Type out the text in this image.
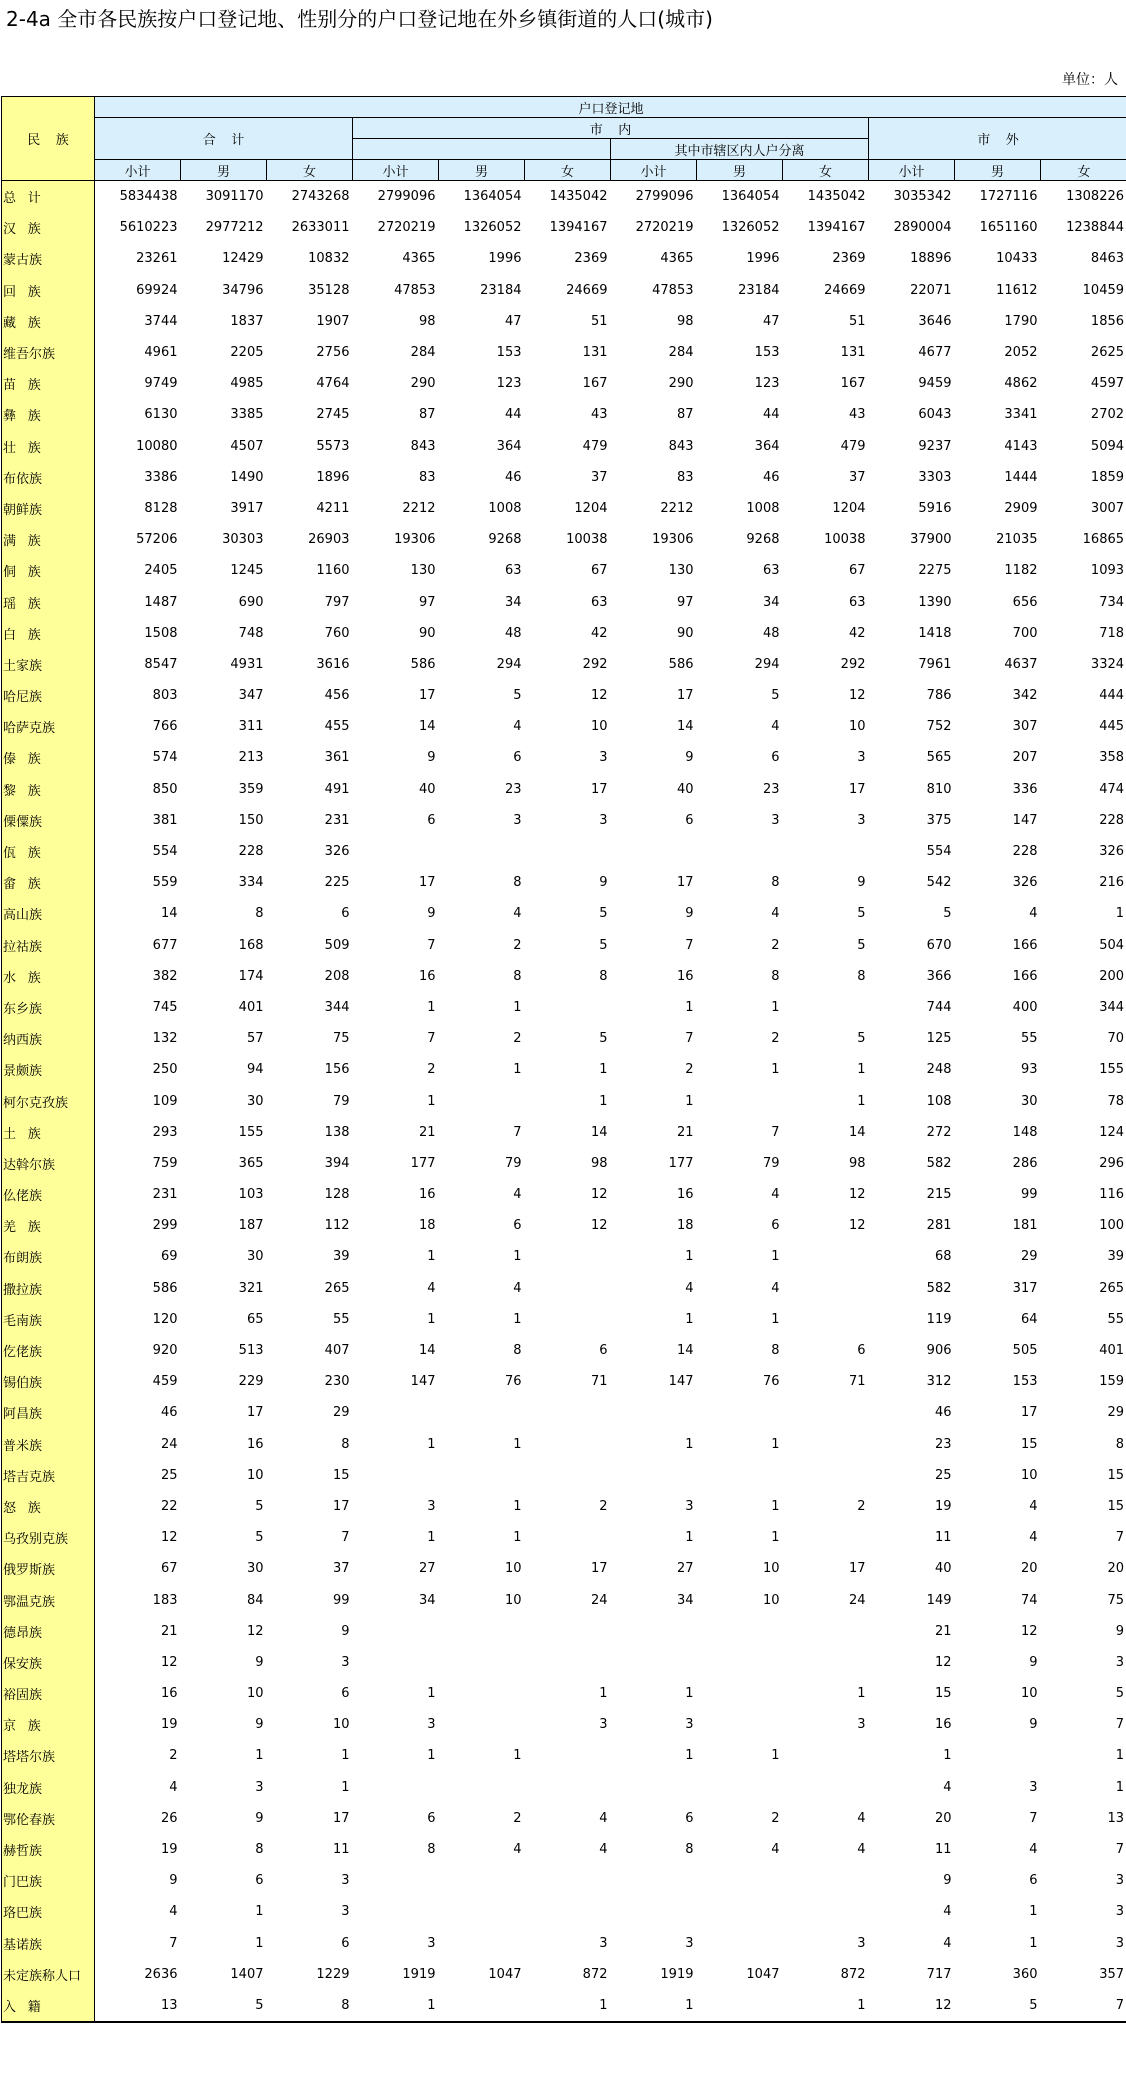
2-4a 全市各民族按户口登记地、性别分的户口登记地在外乡镇街道的人口(城市)
单位：人
民族	户口登记地											
	合计			市内						市外		
							其中市辖区内人户分离					
	小计	男	女	小计	男	女	小计	男	女	小计	男	女
总计	5834438	3091170	2743268	2799096	1364054	1435042	2799096	1364054	1435042	3035342	1727116	1308226
汉族	5610223	2977212	2633011	2720219	1326052	1394167	2720219	1326052	1394167	2890004	1651160	1238844
蒙古族	23261	12429	10832	4365	1996	2369	4365	1996	2369	18896	10433	8463
回族	69924	34796	35128	47853	23184	24669	47853	23184	24669	22071	11612	10459
藏族	3744	1837	1907	98	47	51	98	47	51	3646	1790	1856
维吾尔族	4961	2205	2756	284	153	131	284	153	131	4677	2052	2625
苗族	9749	4985	4764	290	123	167	290	123	167	9459	4862	4597
彝族	6130	3385	2745	87	44	43	87	44	43	6043	3341	2702
壮族	10080	4507	5573	843	364	479	843	364	479	9237	4143	5094
布依族	3386	1490	1896	83	46	37	83	46	37	3303	1444	1859
朝鲜族	8128	3917	4211	2212	1008	1204	2212	1008	1204	5916	2909	3007
满族	57206	30303	26903	19306	9268	10038	19306	9268	10038	37900	21035	16865
侗族	2405	1245	1160	130	63	67	130	63	67	2275	1182	1093
瑶族	1487	690	797	97	34	63	97	34	63	1390	656	734
白族	1508	748	760	90	48	42	90	48	42	1418	700	718
土家族	8547	4931	3616	586	294	292	586	294	292	7961	4637	3324
哈尼族	803	347	456	17	5	12	17	5	12	786	342	444
哈萨克族	766	311	455	14	4	10	14	4	10	752	307	445
傣族	574	213	361	9	6	3	9	6	3	565	207	358
黎族	850	359	491	40	23	17	40	23	17	810	336	474
傈僳族	381	150	231	6	3	3	6	3	3	375	147	228
佤族	554	228	326							554	228	326
畲族	559	334	225	17	8	9	17	8	9	542	326	216
高山族	14	8	6	9	4	5	9	4	5	5	4	1
拉祜族	677	168	509	7	2	5	7	2	5	670	166	504
水族	382	174	208	16	8	8	16	8	8	366	166	200
东乡族	745	401	344	1	1		1	1		744	400	344
纳西族	132	57	75	7	2	5	7	2	5	125	55	70
景颇族	250	94	156	2	1	1	2	1	1	248	93	155
柯尔克孜族	109	30	79	1		1	1		1	108	30	78
土族	293	155	138	21	7	14	21	7	14	272	148	124
达斡尔族	759	365	394	177	79	98	177	79	98	582	286	296
仫佬族	231	103	128	16	4	12	16	4	12	215	99	116
羌族	299	187	112	18	6	12	18	6	12	281	181	100
布朗族	69	30	39	1	1		1	1		68	29	39
撒拉族	586	321	265	4	4		4	4		582	317	265
毛南族	120	65	55	1	1		1	1		119	64	55
仡佬族	920	513	407	14	8	6	14	8	6	906	505	401
锡伯族	459	229	230	147	76	71	147	76	71	312	153	159
阿昌族	46	17	29							46	17	29
普米族	24	16	8	1	1		1	1		23	15	8
塔吉克族	25	10	15							25	10	15
怒族	22	5	17	3	1	2	3	1	2	19	4	15
乌孜别克族	12	5	7	1	1		1	1		11	4	7
俄罗斯族	67	30	37	27	10	17	27	10	17	40	20	20
鄂温克族	183	84	99	34	10	24	34	10	24	149	74	75
德昂族	21	12	9							21	12	9
保安族	12	9	3							12	9	3
裕固族	16	10	6	1		1	1		1	15	10	5
京族	19	9	10	3		3	3		3	16	9	7
塔塔尔族	2	1	1	1	1		1	1		1		1
独龙族	4	3	1							4	3	1
鄂伦春族	26	9	17	6	2	4	6	2	4	20	7	13
赫哲族	19	8	11	8	4	4	8	4	4	11	4	7
门巴族	9	6	3							9	6	3
珞巴族	4	1	3							4	1	3
基诺族	7	1	6	3		3	3		3	4	1	3
未定族称人口	2636	1407	1229	1919	1047	872	1919	1047	872	717	360	357
入籍	13	5	8	1		1	1		1	12	5	7
